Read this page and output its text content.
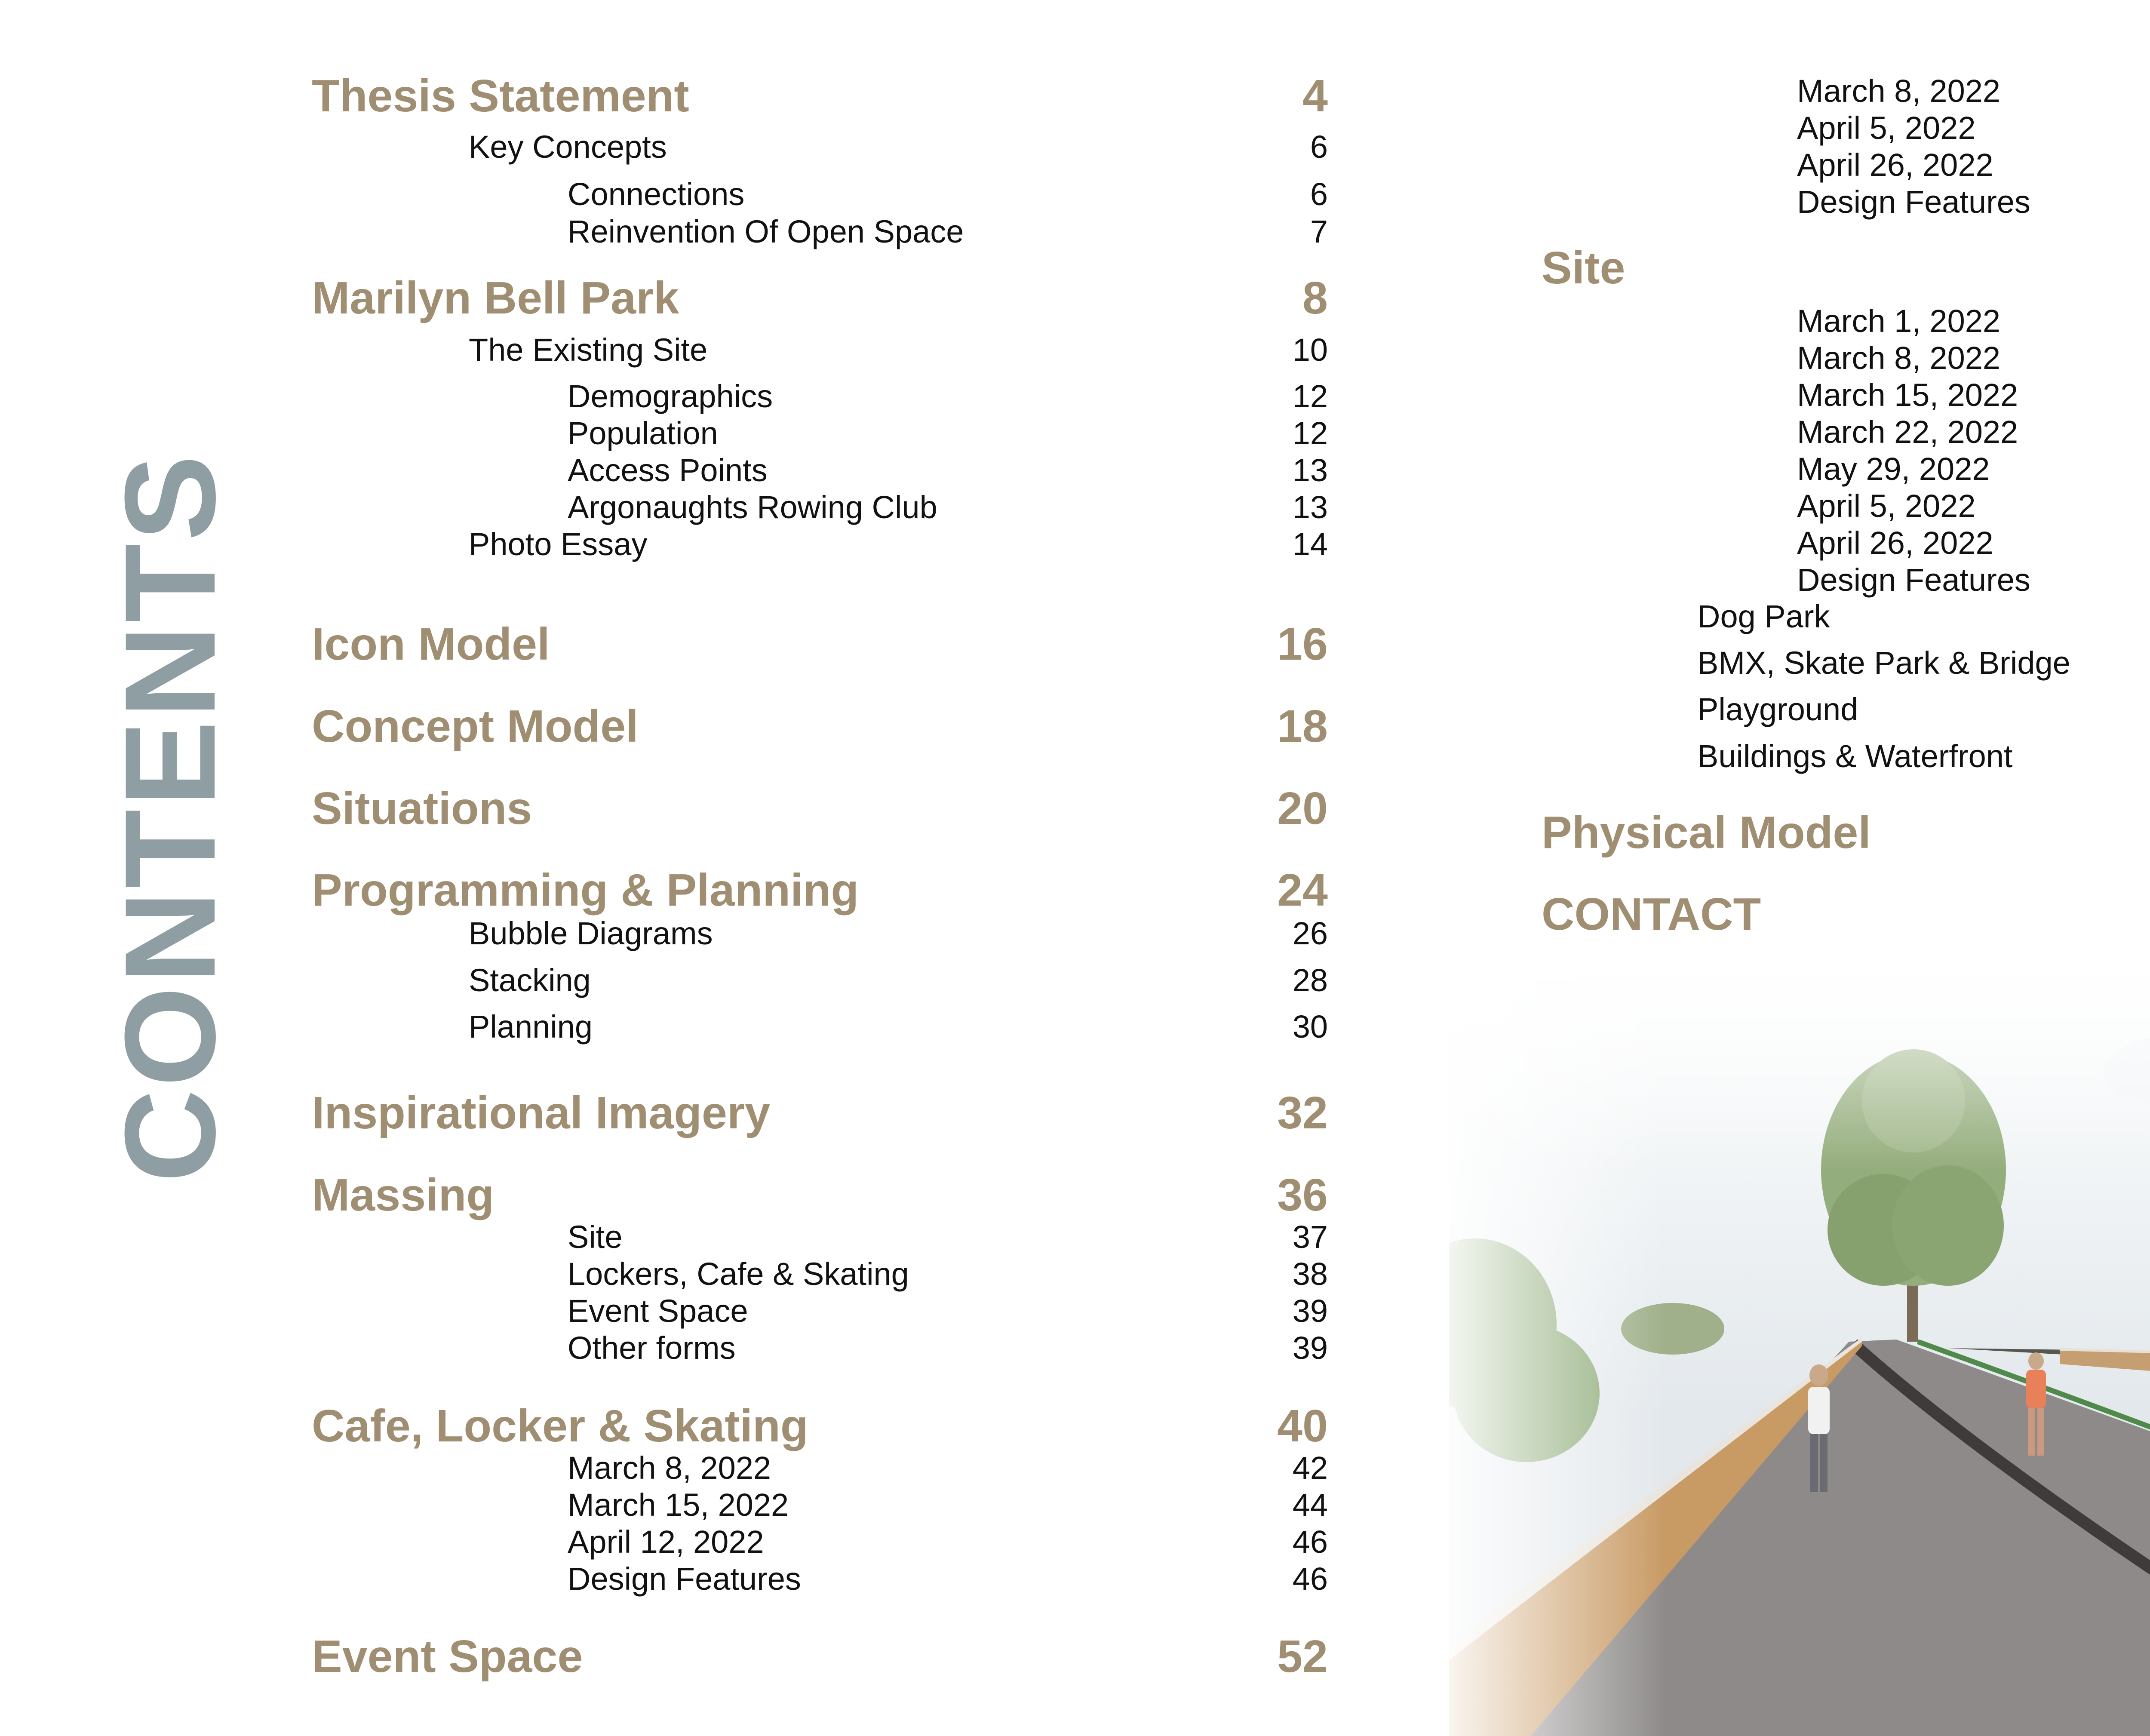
CONTENTS
Thesis Statement	4
Key Concepts	6
Connections	6
Reinvention Of Open Space	7
Marilyn Bell Park	8
The Existing Site	10
Demographics	12
Population	12
Access Points	13
Argonaughts Rowing Club	13
Photo Essay	14
Icon Model	16
Concept Model	18
Situations	20
Programming & Planning	24
Bubble Diagrams	26
Stacking	28
Planning	30
Inspirational Imagery	32
Massing	36
Site	37
Lockers, Cafe & Skating	38
Event Space	39
Other forms	39
Cafe, Locker & Skating	40
March 8, 2022	42
March 15, 2022	44
April 12, 2022	46
Design Features	46
Event Space	52
March 8, 2022
April 5, 2022
April 26, 2022
Design Features
Site
March 1, 2022
March 8, 2022
March 15, 2022
March 22, 2022
May 29, 2022
April 5, 2022
April 26, 2022
Design Features
Dog Park
BMX, Skate Park & Bridge
Playground
Buildings & Waterfront
Physical Model
CONTACT
